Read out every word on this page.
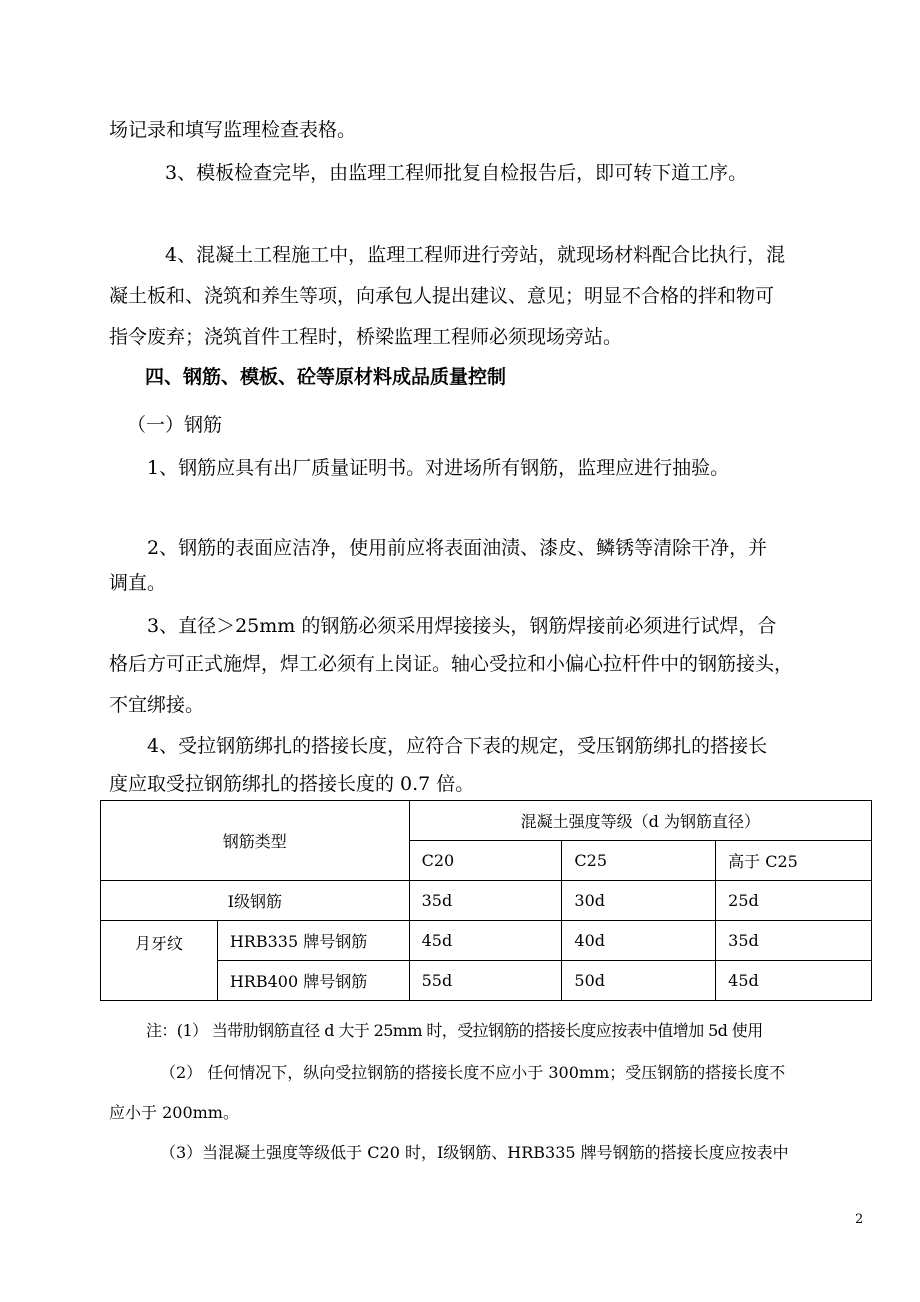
场记录和填写监理检查表格。
3、模板检查完毕，由监理工程师批复自检报告后，即可转下道工序。
4、混凝土工程施工中，监理工程师进行旁站，就现场材料配合比执行，混
凝土板和、浇筑和养生等项，向承包人提出建议、意见；明显不合格的拌和物可
指令废弃；浇筑首件工程时，桥梁监理工程师必须现场旁站。
四、钢筋、模板、砼等原材料成品质量控制
（一）钢筋
1、钢筋应具有出厂质量证明书。对进场所有钢筋，监理应进行抽验。
2、钢筋的表面应洁净，使用前应将表面油渍、漆皮、鳞锈等清除干净，并
调直。
3、直径＞25mm 的钢筋必须采用焊接接头，钢筋焊接前必须进行试焊，合
格后方可正式施焊，焊工必须有上岗证。轴心受拉和小偏心拉杆件中的钢筋接头，
不宜绑接。
4、受拉钢筋绑扎的搭接长度，应符合下表的规定，受压钢筋绑扎的搭接长
度应取受拉钢筋绑扎的搭接长度的 0.7 倍。
钢筋类型		混凝土强度等级（d 为钢筋直径）		
		C20	C25	高于 C25
Ⅰ级钢筋		35d	30d	25d
月牙纹	HRB335 牌号钢筋	45d	40d	35d
	HRB400 牌号钢筋	55d	50d	45d
注：(1） 当带肋钢筋直径 d 大于 25mm 时，受拉钢筋的搭接长度应按表中值增加 5d 使用
（2） 任何情况下，纵向受拉钢筋的搭接长度不应小于 300mm；受压钢筋的搭接长度不
应小于 200mm。
（3）当混凝土强度等级低于 C20 时，Ⅰ级钢筋、HRB335 牌号钢筋的搭接长度应按表中
2
